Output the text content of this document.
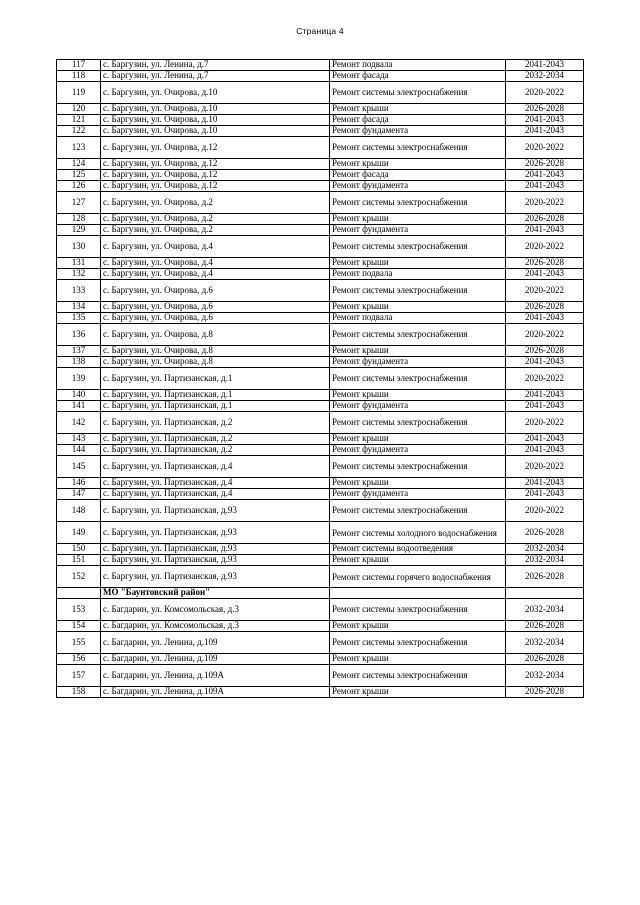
Страница 4
117	с. Баргузин, ул. Ленина, д.7	Ремонт подвала	2041-2043
118	с. Баргузин, ул. Ленина, д.7	Ремонт фасада	2032-2034
119	с. Баргузин, ул. Очирова, д.10	Ремонт системы электроснабжения	2020-2022
120	с. Баргузин, ул. Очирова, д.10	Ремонт крыши	2026-2028
121	с. Баргузин, ул. Очирова, д.10	Ремонт фасада	2041-2043
122	с. Баргузин, ул. Очирова, д.10	Ремонт фундамента	2041-2043
123	с. Баргузин, ул. Очирова, д.12	Ремонт системы электроснабжения	2020-2022
124	с. Баргузин, ул. Очирова, д.12	Ремонт крыши	2026-2028
125	с. Баргузин, ул. Очирова, д.12	Ремонт фасада	2041-2043
126	с. Баргузин, ул. Очирова, д.12	Ремонт фундамента	2041-2043
127	с. Баргузин, ул. Очирова, д.2	Ремонт системы электроснабжения	2020-2022
128	с. Баргузин, ул. Очирова, д.2	Ремонт крыши	2026-2028
129	с. Баргузин, ул. Очирова, д.2	Ремонт фундамента	2041-2043
130	с. Баргузин, ул. Очирова, д.4	Ремонт системы электроснабжения	2020-2022
131	с. Баргузин, ул. Очирова, д.4	Ремонт крыши	2026-2028
132	с. Баргузин, ул. Очирова, д.4	Ремонт подвала	2041-2043
133	с. Баргузин, ул. Очирова, д.6	Ремонт системы электроснабжения	2020-2022
134	с. Баргузин, ул. Очирова, д.6	Ремонт крыши	2026-2028
135	с. Баргузин, ул. Очирова, д.6	Ремонт подвала	2041-2043
136	с. Баргузин, ул. Очирова, д.8	Ремонт системы электроснабжения	2020-2022
137	с. Баргузин, ул. Очирова, д.8	Ремонт крыши	2026-2028
138	с. Баргузин, ул. Очирова, д.8	Ремонт фундамента	2041-2043
139	с. Баргузин, ул. Партизанская, д.1	Ремонт системы электроснабжения	2020-2022
140	с. Баргузин, ул. Партизанская, д.1	Ремонт крыши	2041-2043
141	с. Баргузин, ул. Партизанская, д.1	Ремонт фундамента	2041-2043
142	с. Баргузин, ул. Партизанская, д.2	Ремонт системы электроснабжения	2020-2022
143	с. Баргузин, ул. Партизанская, д.2	Ремонт крыши	2041-2043
144	с. Баргузин, ул. Партизанская, д.2	Ремонт фундамента	2041-2043
145	с. Баргузин, ул. Партизанская, д.4	Ремонт системы электроснабжения	2020-2022
146	с. Баргузин, ул. Партизанская, д.4	Ремонт крыши	2041-2043
147	с. Баргузин, ул. Партизанская, д.4	Ремонт фундамента	2041-2043
148	с. Баргузин, ул. Партизанская, д.93	Ремонт системы электроснабжения	2020-2022
149	с. Баргузин, ул. Партизанская, д.93	Ремонт системы холодного водоснабжения	2026-2028
150	с. Баргузин, ул. Партизанская, д.93	Ремонт системы водоотведения	2032-2034
151	с. Баргузин, ул. Партизанская, д.93	Ремонт крыши	2032-2034
152	с. Баргузин, ул. Партизанская, д.93	Ремонт системы горячего водоснабжения	2026-2028
	МО "Баунтовский район"		
153	с. Багдарин, ул. Комсомольская, д.3	Ремонт системы электроснабжения	2032-2034
154	с. Багдарин, ул. Комсомольская, д.3	Ремонт крыши	2026-2028
155	с. Багдарин, ул. Ленина, д.109	Ремонт системы электроснабжения	2032-2034
156	с. Багдарин, ул. Ленина, д.109	Ремонт крыши	2026-2028
157	с. Багдарин, ул. Ленина, д.109А	Ремонт системы электроснабжения	2032-2034
158	с. Багдарин, ул. Ленина, д.109А	Ремонт крыши	2026-2028
